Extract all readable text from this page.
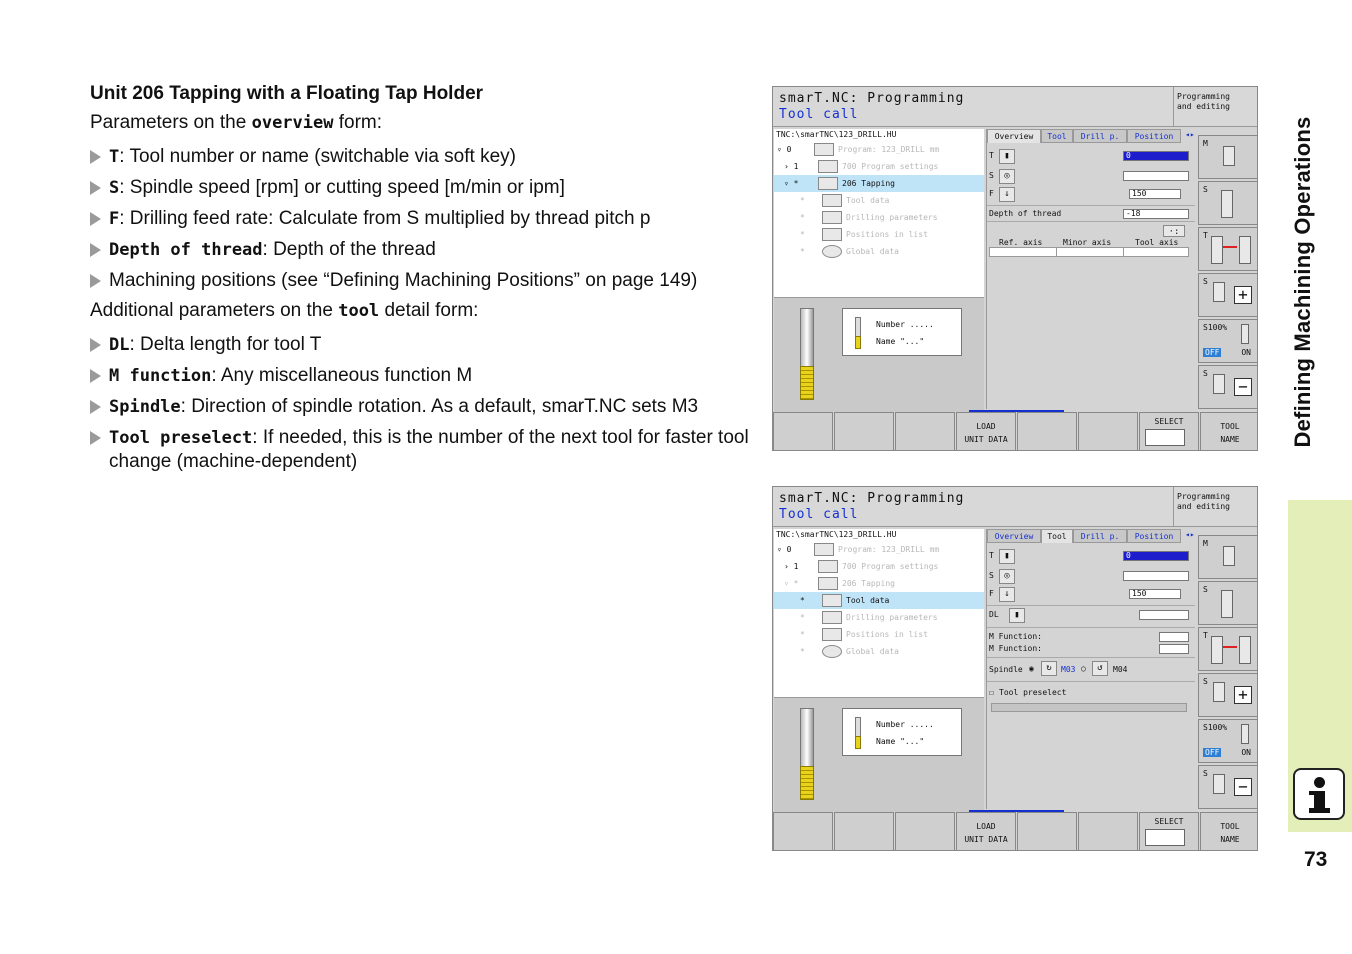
Unit 206 Tapping with a Floating Tap Holder
Parameters on the overview form:
T: Tool number or name (switchable via soft key)
S: Spindle speed [rpm] or cutting speed [m/min or ipm]
F: Drilling feed rate: Calculate from S multiplied by thread pitch p
Depth of thread: Depth of the thread
Machining positions (see “Defining Machining Positions” on page 149)
Additional parameters on the tool detail form:
DL: Delta length for tool T
M function: Any miscellaneous function M
Spindle: Direction of spindle rotation. As a default, smarT.NC sets M3
Tool preselect: If needed, this is the number of the next tool for faster tool change (machine-dependent)
Defining Machining Operations
73
smarT.NC: Programming
Tool call
Programming
and editing
TNC:\smarTNC\123_DRILL.HU
▿ 0	Program: 123_DRILL mm
› 1	700 Program settings
▿ *	206 Tapping
*	Tool data
*	Drilling parameters
*	Positions in list
*	Global data
Number .....
Name "..."
Overview	Tool	Drill p.	Position	◂▸
T	▮	0
S	◎
F	↓	150
Depth of thread	-18
·:
Ref. axis	Minor axis	Tool axis
M
S
T
S
+
S100%
OFF	ON
S
−
LOAD
UNIT DATA
SELECT
TOOL
NAME
smarT.NC: Programming
Tool call
Programming
and editing
TNC:\smarTNC\123_DRILL.HU
▿ 0	Program: 123_DRILL mm
› 1	700 Program settings
▿ *	206 Tapping
*	Tool data
*	Drilling parameters
*	Positions in list
*	Global data
Number .....
Name "..."
Overview	Tool	Drill p.	Position	◂▸
T	▮	0
S	◎
F	↓	150
DL	▮
M Function:
M Function:
Spindle ◉	↻	M03 ○	↺	M04
☐ Tool preselect
M
S
T
S
+
S100%
OFF	ON
S
−
LOAD
UNIT DATA
SELECT
TOOL
NAME
